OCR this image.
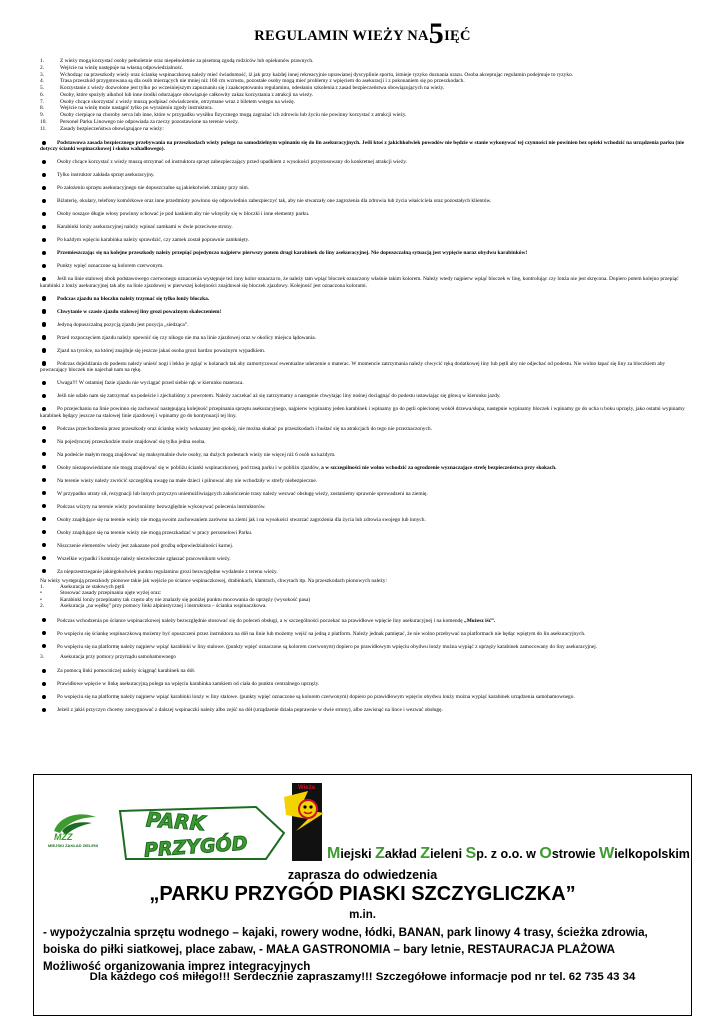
REGULAMIN WIEŻY NA5IĘĆ
1.	Z wieży mogą korzystać osoby pełnoletnie oraz niepełnoletnie za pisemną zgodą rodziców lub opiekunów prawnych.
2.	Wejście na wieżę następuje na własną odpowiedzialność.
3.	Wchodząc na przeszkody wieży oraz ściankę wspinaczkową należy mieć świadomość, iż jak przy każdej innej rekreacyjnie uprawianej dyscyplinie sportu, istnieje ryzyko doznania urazu. Osoba akceptując regulamin podejmuje to ryzyko.
4.	Trasa przeszkód przygotowana są dla osób mierzących nie mniej niż 160 cm wzrostu, pozostałe osoby mogą mieć problemy z wpięciem do asekuracji i z pokonaniem się po przeszkodach.
5.	Korzystanie z wieży dozwolone jest tylko po wcześniejszym zapoznaniu się i zaakceptowaniu regulaminu, odesłaniu szkolenia z zasad bezpieczeństwa obowiązujących na wieży.
6.	Osoby, które spożyły alkohol lub inne środki odurzające obowiązuje całkowity zakaz korzystania z atrakcji na wieży.
7.	Osoby chcące skorzystać z wieży muszą podpisać oświadczenie, otrzymane wraz z biletem wstępu na wieżę.
8.	Wejście na wieżę może nastąpić tylko po wyrażeniu zgody instruktora.
9.	Osoby cierpiące na choroby serca lub inne, które w przypadku wysiłku fizycznego mogą zagrażać ich zdrowiu lub życiu nie powinny korzystać z atrakcji wieży.
10.	Personel Parku Linowego nie odpowiada za rzeczy pozostawione na terenie wieży.
11.	Zasady bezpieczeństwa obowiązujące na wieży:
Podstawowa zasada bezpiecznego przebywania na przeszkodach wieży polega na samodzielnym wpinaniu się do lin asekuracyjnych. Jeśli ktoś z jakichkolwiek powodów nie będzie w stanie wykonywać tej czynności nie powinien bez opieki wchodzić na urządzenia parku (nie dotyczy ścianki wspinaczkowej i skoku wahadłowego).
Osoby chcące korzystać z wieży muszą otrzymać od instruktora sprzęt zabezpieczający przed upadkiem z wysokości przystosowany do konkretnej atrakcji wieży.
Tylko instruktor zakłada sprzęt asekuracyjny.
Po założeniu sprzętu asekuracyjnego nie dopuszczalne są jakiekolwiek zmiany przy nim.
Biżuterię, okulary, telefony komórkowe oraz inne przedmioty powinno się odpowiednio zabezpieczyć tak, aby nie stwarzały one zagrożenia dla zdrowia lub życia właściciela oraz pozostałych klientów.
Osoby noszące długie włosy powinny schować je pod kaskiem aby nie wkręciły się w bloczki i inne elementy parku.
Karabinki lonży asekuracyjnej należy wpinać zamkami w dwie przeciwne strony.
Po każdym wpięciu karabinka należy sprawdzić, czy zamek został poprawnie zamknięty.
Przemieszczając się na kolejne przeszkody należy przepiąć pojedynczo najpierw pierwszy potem drugi karabinek do liny asekuracyjnej. Nie dopuszczalną sytuacją jest wypięcie naraz obydwu karabinków!
Punkty wpięć oznaczone są kolorem czerwonym.
Jeśli na linie stalowej obok podstawowego czerwonego oznaczenia występuje też inny kolor oznacza to, że należy tam wpiąć bloczek oznaczony właśnie takim kolorem. Należy wtedy najpierw wpiąć bloczek w linę, kontrolując czy lonża nie jest skręcona. Dopiero potem kolejno przepiąć karabinki z lonży asekuracyjnej tak aby na linie zjazdowej w pierwszej kolejności znajdował się bloczek zjazdowy. Kolejność jest oznaczona kolorami.
Podczas zjazdu na bloczku należy trzymać się tylko lonży bloczka.
Chwytanie w czasie zjazdu stalowej liny grozi poważnym skaleczeniem!
Jedyną dopuszczalną pozycją zjazdu jest pozycja „siedząca”.
Przed rozpoczęciem zjazdu należy upewnić się czy nikogo nie ma na linie zjazdowej oraz w okolicy miejsca lądowania.
Zjazd na tyrolce, na której znajduje się jeszcze jakaś osoba grozi bardzo poważnym wypadkiem.
Podczas dojeżdżania do podestu należy unieść nogi i lekko je zgiąć w kolanach tak aby zamortyzować ewentualne uderzenie o materac. W momencie zatrzymania należy chwycić ręką dodatkowej liny lub pętli aby nie odjechać od podestu. Nie wolno łapać się liny za bloczkiem aby powracający bloczek nie najechał nam na rękę.
Uwaga!!! W ostatniej fazie zjazdu nie wyciągać przed siebie rąk w kierunku materaca.
Jeśli nie udało nam się zatrzymać na podeście i zjechaliśmy z powrotem. Należy zaczekać aż się zatrzymamy a następnie chwytając liny nośnej dociągnąć do podestu ustawiając się głową w kierunku jazdy.
Po przejechaniu na linie powinno się zachować następującą kolejność przepinania sprzętu asekuracyjnego, najpierw wypinamy jeden karabinek i wpinamy go do pętli oplecionej wokół drzewa/słupa, następnie wypinamy bloczek i wpinamy go do ucha u boku uprzęży, jako ostatni wypinamy karabinek będący jeszcze na stalowej linie zjazdowej i wpinamy go do kontynuacji tej liny.
Podczas przechodzenia przez przeszkody oraz ściankę wieży wskazany jest spokój, nie można skakać po przeszkodach i huśtać się na atrakcjach do tego nie przeznaczonych.
Na pojedynczej przeszkodzie może znajdować się tylko jedna osoba.
Na podeście małym mogą znajdować się maksymalnie dwie osoby, na dużych podestach wieży nie więcej niż 6 osób na każdym.
Osoby niezapowiedziane nie mogą znajdować się w pobliżu ścianki wspinaczkowej, pod trasą parku i w pobliżu zjazdów, a w szczególności nie wolno wchodzić za ogrodzenie wyznaczające strefę bezpieczeństwa przy skokach.
Na terenie wieży należy zwrócić szczególną uwagę na małe dzieci i pilnować aby nie wchodziły w strefy niebezpieczne.
W przypadku utraty sił, rezygnacji lub innych przyczyn uniemożliwiających zakończenie trasy należy wezwać obsługę wieży, zostaniemy sprawnie sprowadzeni na ziemię.
Podczas wizyty na terenie wieży powinniśmy bezwzględnie wykonywać polecenia instruktorów.
Osoby znajdujące się na terenie wieży nie mogą swoim zachowaniem zarówno na ziemi jak i na wysokości stwarzać zagrożenia dla życia lub zdrowia swojego lub innych.
Osoby znajdujące się na terenie wieży nie mogą przeszkadzać w pracy personelowi Parku.
Niszczenie elementów wieży jest zakazane pod groźbą odpowiedzialności karnej.
Wszelkie wypadki i kontuzje należy niezwłocznie zgłaszać pracownikom wieży.
Za nieprzestrzeganie jakiegokolwiek punktu regulaminu grozi bezwzględne wydalenie z terenu wieży.
Na wieży występują przeszkody pionowe takie jak wejście po ściance wspinaczkowej, drabinkach, klamrach, chwytach itp. Na przeszkodach pionowych należy:
1.	Asekuracja ze stałowych pętli
•	Stosować zasady przepinania ujęte wyżej oraz:
•	Karabinki lonży przepinamy tak często aby nie znalazły się poniżej punktu mocowania do uprzęży (wysokość pasa)
2.	Asekuracja „na wędkę” przy pomocy linki alpinistycznej i instruktora – ścianka wspinaczkowa.
Podczas wchodzenia po ściance wspinaczkowej należy bezwzględnie stosować się do poleceń obsługi, a w szczególności poczekać na prawidłowe wpięcie liny asekuracyjnej i na komendę „Możesz iść”.
Po wspięciu się ściankę wspinaczkową możemy być opuszczeni przez instruktora na dół na linie lub możemy wejść na jedną z platform. Należy jednak pamiętać, że nie wolno przebywać na platformach nie będąc wpiętym do lin asekuracyjnych.
Po wspięciu się na platformę należy najpierw wpiąć karabinki w liny stalowe. (punkty wpięć oznaczone są kolorem czerwonym) dopiero po prawidłowym wpięciu obydwu lonży można wypiąć z uprzęży karabinek zamocowany do liny asekuracyjnej.
3.	Asekuracja przy pomocy przyrządu samohamownego
Za pomocą linki pomocniczej należy ściągnąć karabinek na dół.
Prawidłowe wpięcie w linkę asekuracyjną polega na wpięciu karabinka zamkiem od ciała do punktu centralnego uprzęży.
Po wspięciu się na platformę należy najpierw wpiąć karabinki lonży w liny stalowe. (punkty wpięć oznaczone są kolorem czerwonym) dopiero po prawidłowym wpięciu obydwu lonży można wypiąć karabinek urządzenia samohamownego.
Jeżeli z jakiś przyczyn chcemy zrezygnować z dalszej wspinaczki należy albo zejść na dół (urządzenie działa poprawnie w dwie strony), albo zawisnąć na lincе i wezwać obsługę.
MZZ
MIEJSKI ZAKŁAD ZIELENI
PARK
PRZYGÓD
Wieża
Miejski Zakład Zieleni Sp. z o.o. w Ostrowie Wielkopolskim
zaprasza do odwiedzenia
„PARKU PRZYGÓD PIASKI SZCZYGLICZKA”
m.in.
- wypożyczalnia sprzętu wodnego – kajaki, rowery wodne, łódki, BANAN, park linowy 4 trasy, ścieżka zdrowia, boiska do piłki siatkowej, place zabaw, - MAŁA GASTRONOMIA – bary letnie, RESTAURACJA PLAŻOWA
Możliwość organizowania imprez integracyjnych
Dla każdego coś miłego!!! Serdecznie zapraszamy!!! Szczegółowe informacje pod nr tel. 62 735 43 34
